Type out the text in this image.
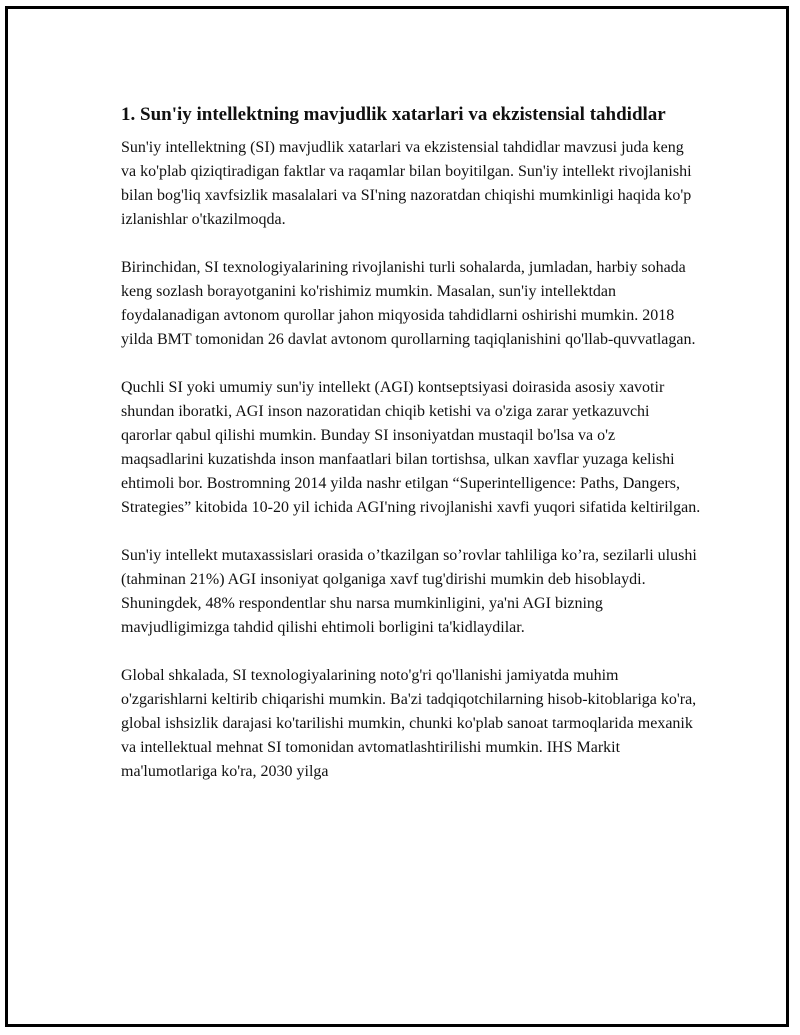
1. Sun'iy intellektning mavjudlik xatarlari va ekzistensial tahdidlar

Sun'iy intellektning (SI) mavjudlik xatarlari va ekzistensial tahdidlar mavzusi juda keng va ko'plab qiziqtiradigan faktlar va raqamlar bilan boyitilgan. Sun'iy intellekt rivojlanishi bilan bog'liq xavfsizlik masalalari va SI'ning nazoratdan chiqishi mumkinligi haqida ko'p izlanishlar o'tkazilmoqda.

Birinchidan, SI texnologiyalarining rivojlanishi turli sohalarda, jumladan, harbiy sohada keng sozlash borayotganini ko'rishimiz mumkin. Masalan, sun'iy intellektdan foydalanadigan avtonom qurollar jahon miqyosida tahdidlarni oshirishi mumkin. 2018 yilda BMT tomonidan 26 davlat avtonom qurollarning taqiqlanishini qo'llab-quvvatlagan.

Quchli SI yoki umumiy sun'iy intellekt (AGI) kontseptsiyasi doirasida asosiy xavotir shundan iboratki, AGI inson nazoratidan chiqib ketishi va o'ziga zarar yetkazuvchi qarorlar qabul qilishi mumkin. Bunday SI insoniyatdan mustaqil bo'lsa va o'z maqsadlarini kuzatishda inson manfaatlari bilan tortishsa, ulkan xavflar yuzaga kelishi ehtimoli bor. Bostromning 2014 yilda nashr etilgan “Superintelligence: Paths, Dangers, Strategies” kitobida 10-20 yil ichida AGI'ning rivojlanishi xavfi yuqori sifatida keltirilgan.

Sun'iy intellekt mutaxassislari orasida o’tkazilgan so’rovlar tahliliga ko’ra, sezilarli ulushi (tahminan 21%) AGI insoniyat qolganiga xavf tug'dirishi mumkin deb hisoblaydi. Shuningdek, 48% respondentlar shu narsa mumkinligini, ya'ni AGI bizning mavjudligimizga tahdid qilishi ehtimoli borligini ta'kidlaydilar.

Global shkalada, SI texnologiyalarining noto'g'ri qo'llanishi jamiyatda muhim o'zgarishlarni keltirib chiqarishi mumkin. Ba'zi tadqiqotchilarning hisob-kitoblariga ko'ra, global ishsizlik darajasi ko'tarilishi mumkin, chunki ko'plab sanoat tarmoqlarida mexanik va intellektual mehnat SI tomonidan avtomatlashtirilishi mumkin. IHS Markit ma'lumotlariga ko'ra, 2030 yilga
